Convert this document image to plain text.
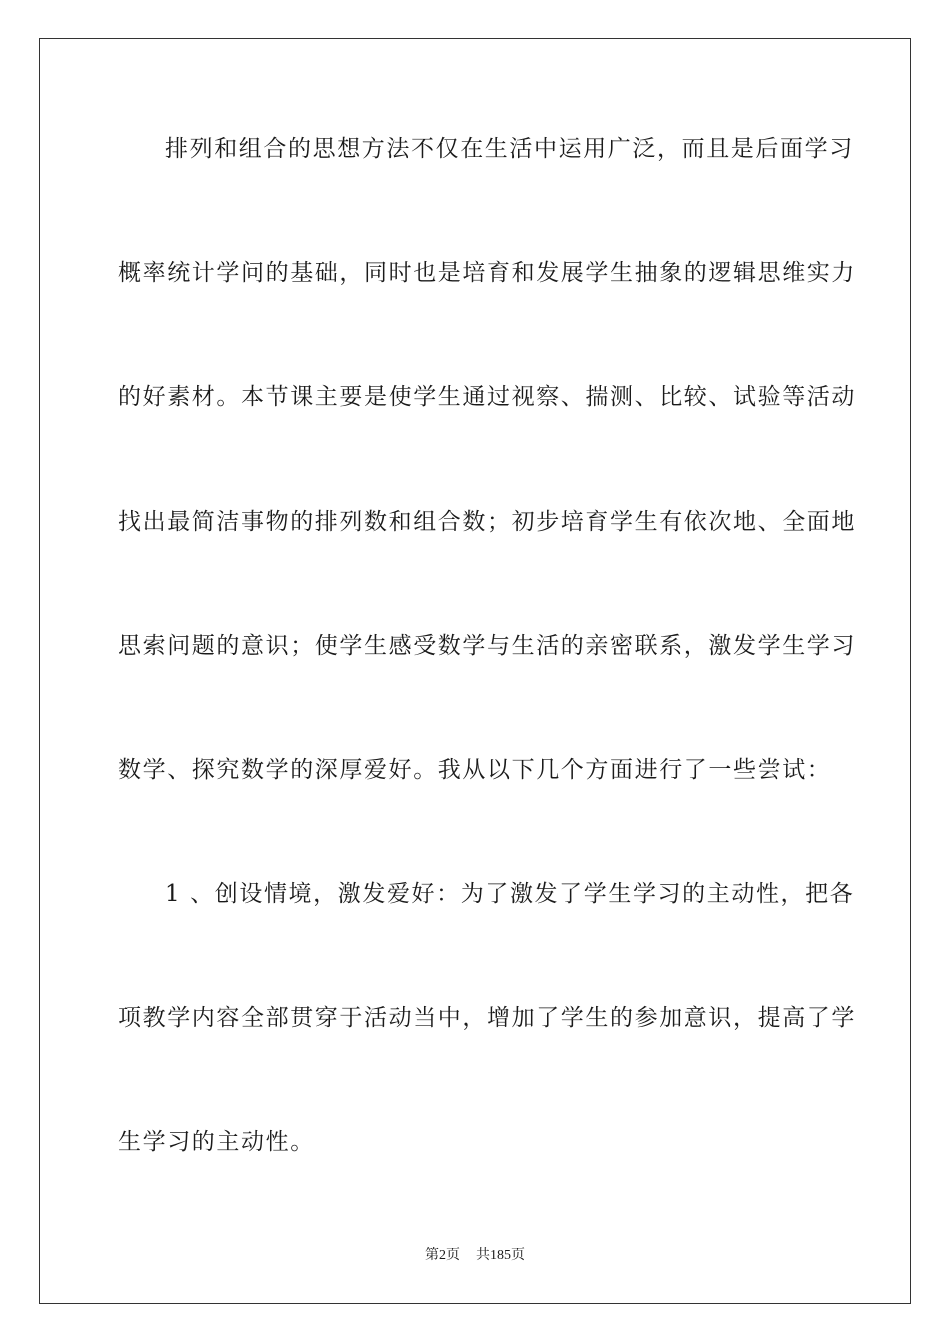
排列和组合的思想方法不仅在生活中运用广泛，而且是后面学习
概率统计学问的基础，同时也是培育和发展学生抽象的逻辑思维实力
的好素材。本节课主要是使学生通过视察、揣测、比较、试验等活动
找出最简洁事物的排列数和组合数；初步培育学生有依次地、全面地
思索问题的意识；使学生感受数学与生活的亲密联系，激发学生学习
数学、探究数学的深厚爱好。我从以下几个方面进行了一些尝试：
1 、创设情境，激发爱好：为了激发了学生学习的主动性，把各
项教学内容全部贯穿于活动当中，增加了学生的参加意识，提高了学
生学习的主动性。
第2页 共185页
